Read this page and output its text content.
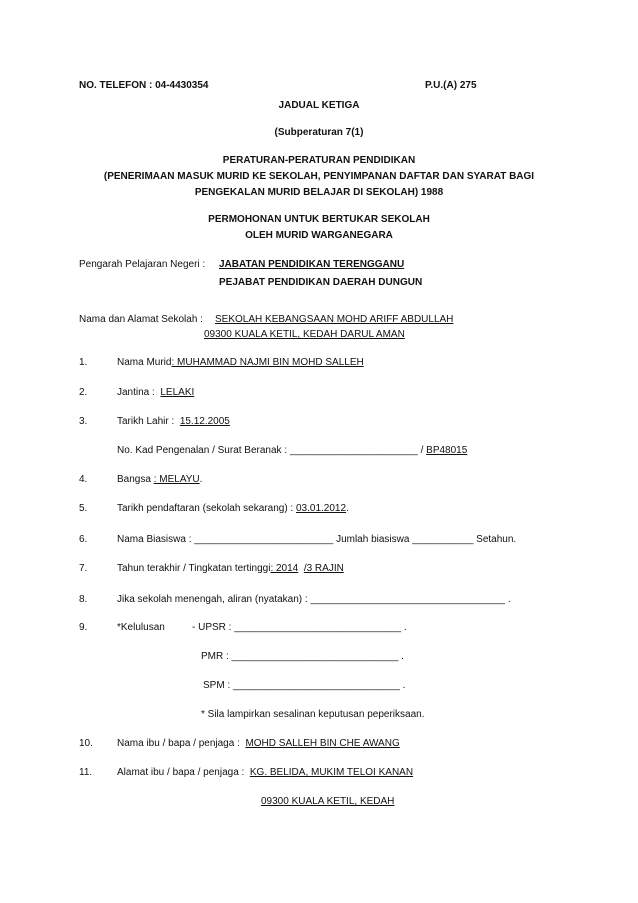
NO. TELEFON : 04-4430354	P.U.(A) 275
JADUAL KETIGA
(Subperaturan 7(1)
PERATURAN-PERATURAN PENDIDIKAN
(PENERIMAAN MASUK MURID KE SEKOLAH, PENYIMPANAN DAFTAR DAN SYARAT BAGI
PENGEKALAN MURID BELAJAR DI SEKOLAH) 1988
PERMOHONAN UNTUK BERTUKAR SEKOLAH
OLEH MURID WARGANEGARA
Pengarah Pelajaran Negeri : JABATAN PENDIDIKAN TERENGGANU
PEJABAT PENDIDIKAN DAERAH DUNGUN
Nama dan Alamat Sekolah : SEKOLAH KEBANGSAAN MOHD ARIFF ABDULLAH
09300 KUALA KETIL, KEDAH DARUL AMAN
1.	Nama Murid: MUHAMMAD NAJMI BIN MOHD SALLEH
2.	Jantina : LELAKI
3.	Tarikh Lahir : 15.12.2005
No. Kad Pengenalan / Surat Beranak : _______________________ / BP48015
4.	Bangsa : MELAYU.
5.	Tarikh pendaftaran (sekolah sekarang) : 03.01.2012.
6.	Nama Biasiswa : _________________________ Jumlah biasiswa ___________ Setahun.
7.	Tahun terakhir / Tingkatan tertinggi: 2014 /3 RAJIN
8.	Jika sekolah menengah, aliran (nyatakan) : ___________________________________ .
9.	*Kelulusan	- UPSR : ______________________________ .
PMR : ______________________________ .
SPM : ______________________________ .
* Sila lampirkan sesalinan keputusan peperiksaan.
10. Nama ibu / bapa / penjaga : MOHD SALLEH BIN CHE AWANG
11. Alamat ibu / bapa / penjaga : KG. BELIDA, MUKIM TELOI KANAN
09300 KUALA KETIL, KEDAH
